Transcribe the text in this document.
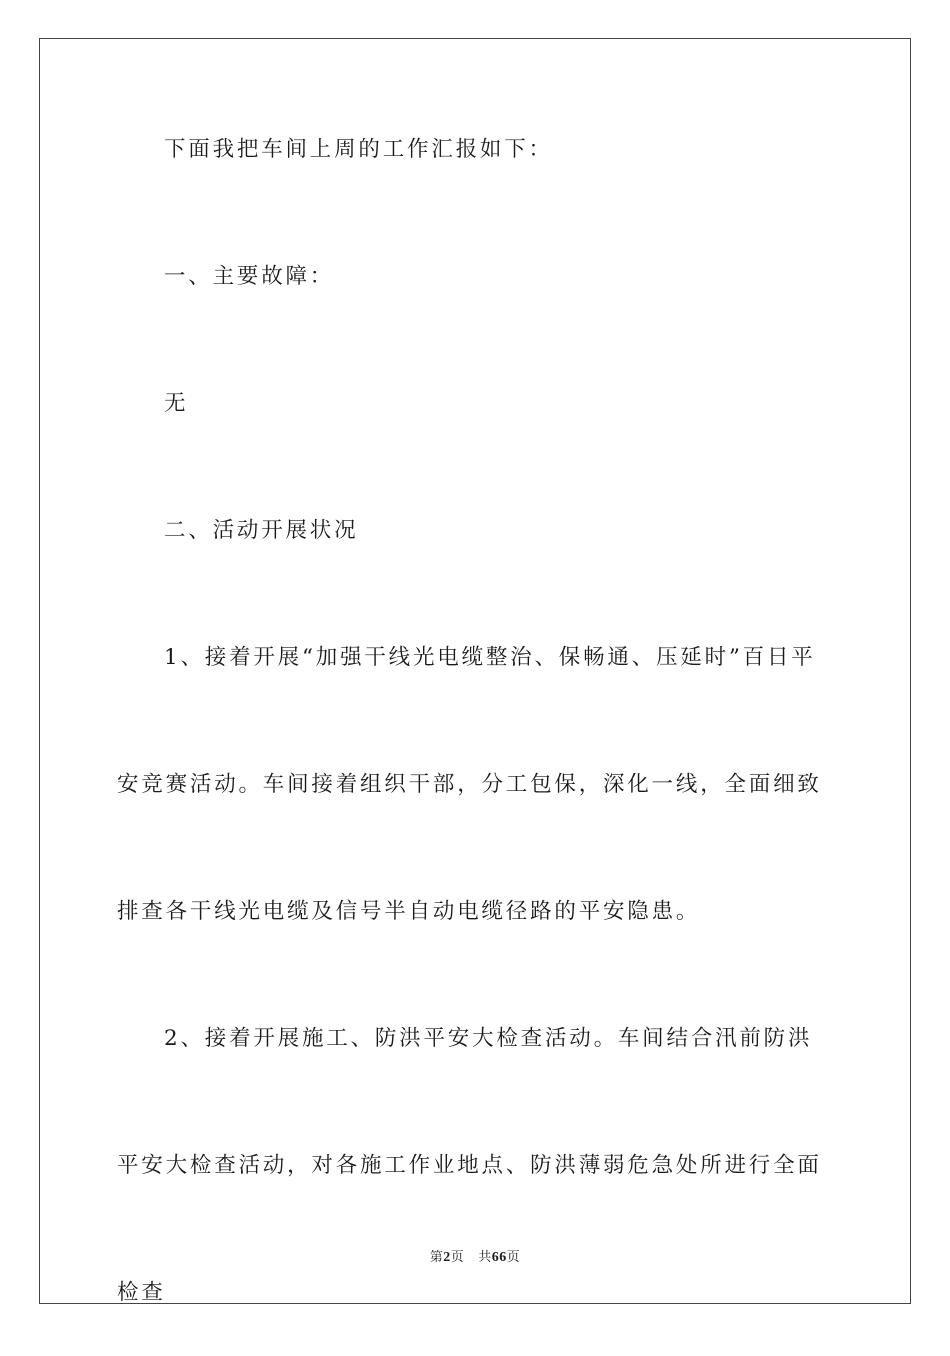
下面我把车间上周的工作汇报如下：

一、主要故障：

无

二、活动开展状况

1、接着开展“加强干线光电缆整治、保畅通、压延时”百日平安竞赛活动。车间接着组织干部，分工包保，深化一线，全面细致排查各干线光电缆及信号半自动电缆径路的平安隐患。

2、接着开展施工、防洪平安大检查活动。车间结合汛前防洪平安大检查活动，对各施工作业地点、防洪薄弱危急处所进行全面检查

第2页 共66页
